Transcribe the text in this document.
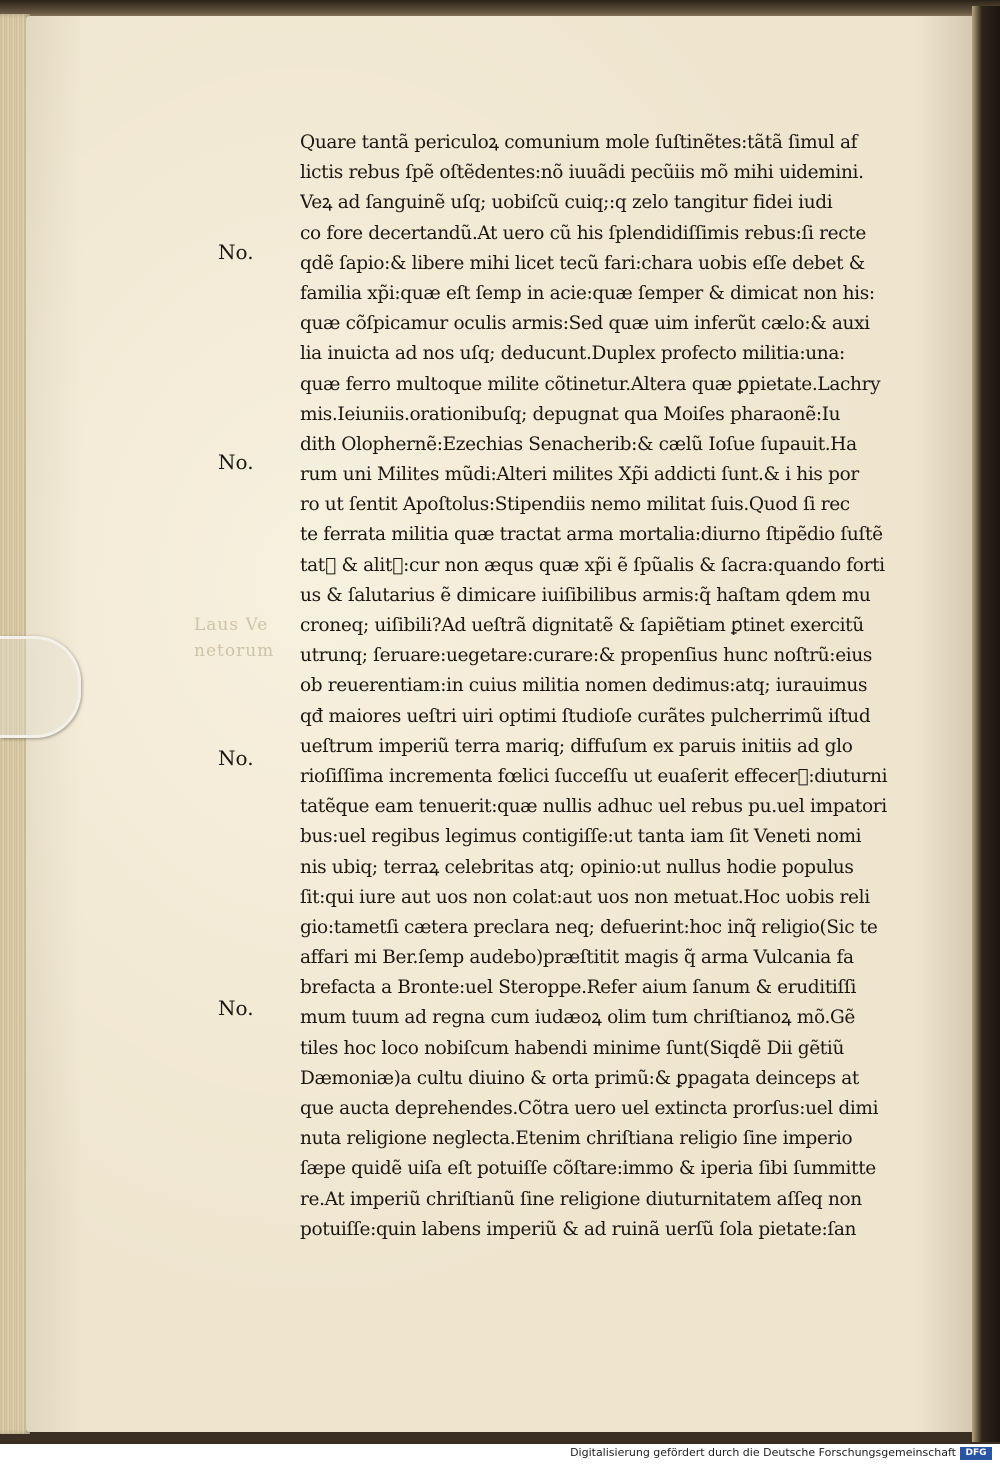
Laus Ve
netorum
No.
No.
No.
No.
Quare tantã periculoꝝ comunium mole ſuſtinẽtes:tãtã ſimul af
lictis rebus ſpẽ oſtẽdentes:nõ iuuãdi pecũiis mõ mihi uidemini.
Veꝝ ad ſanguinẽ uſq; uobiſcũ cuiq;:q zelo tangitur fidei iudi
co fore decertandũ.At uero cũ his ſplendidiſſimis rebus:ſi recte
qdẽ ſapio:& libere mihi licet tecũ fari:chara uobis eſſe debet &
familia xp̃i:quæ eſt ſemp in acie:quæ ſemper & dimicat non his:
quæ cõſpicamur oculis armis:Sed quæ uim inferũt cælo:& auxi
lia inuicta ad nos uſq; deducunt.Duplex profecto militia:una:
quæ ferro multoque milite cõtinetur.Altera quæ ꝑpietate.Lachry
mis.Ieiuniis.orationibuſq; depugnat qua Moiſes pharaonẽ:Iu
dith Olophernẽ:Ezechias Senacherib:& cælũ Ioſue ſupauit.Ha
rum uni Milites mũdi:Alteri milites Xp̃i addicti ſunt.& i his por
ro ut ſentit Apoſtolus:Stipendiis nemo militat ſuis.Quod ſi rec
te ferrata militia quæ tractat arma mortalia:diurno ſtipẽdio ſuſtẽ
tat᷑ & alit᷑:cur non æqus quæ xp̃i ẽ ſpũalis & ſacra:quando forti
us & ſalutarius ẽ dimicare iuiſibilibus armis:q̃ haſtam qdem mu
croneq; uiſibili?Ad ueſtrã dignitatẽ & ſapiẽtiam ꝑtinet exercitũ
utrunq; ſeruare:uegetare:curare:& propenſius hunc noſtrũ:eius
ob reuerentiam:in cuius militia nomen dedimus:atq; iurauimus
qđ maiores ueſtri uiri optimi ſtudioſe curãtes pulcherrimũ iſtud
ueſtrum imperiũ terra mariq; diffuſum ex paruis initiis ad glo
rioſiſſima incrementa fœlici ſucceſſu ut euaſerit effecer᷑:diuturni
tatẽque eam tenuerit:quæ nullis adhuc uel rebus pu.uel impatori
bus:uel regibus legimus contigiſſe:ut tanta iam ſit Veneti nomi
nis ubiq; terraꝝ celebritas atq; opinio:ut nullus hodie populus
ſit:qui iure aut uos non colat:aut uos non metuat.Hoc uobis reli
gio:tametſi cætera preclara neq; defuerint:hoc inq̃ religio(Sic te
affari mi Ber.ſemp audebo)præſtitit magis q̃ arma Vulcania fa
brefacta a Bronte:uel Steroppe.Refer aium ſanum & eruditiſſi
mum tuum ad regna cum iudæoꝝ olim tum chriſtianoꝝ mõ.Gẽ
tiles hoc loco nobiſcum habendi minime ſunt(Siqdẽ Dii gẽtiũ
Dæmoniæ)a cultu diuino & orta primũ:& ꝑpagata deinceps at
que aucta deprehendes.Cõtra uero uel extincta prorſus:uel dimi
nuta religione neglecta.Etenim chriſtiana religio ſine imperio
ſæpe quidẽ uiſa eſt potuiſſe cõſtare:immo & iperia ſibi ſummitte
re.At imperiũ chriſtianũ ſine religione diuturnitatem aſſeq non
potuiſſe:quin labens imperiũ & ad ruinã uerſũ ſola pietate:ſan
Digitalisierung gefördert durch die Deutsche Forschungsgemeinschaft	DFG
